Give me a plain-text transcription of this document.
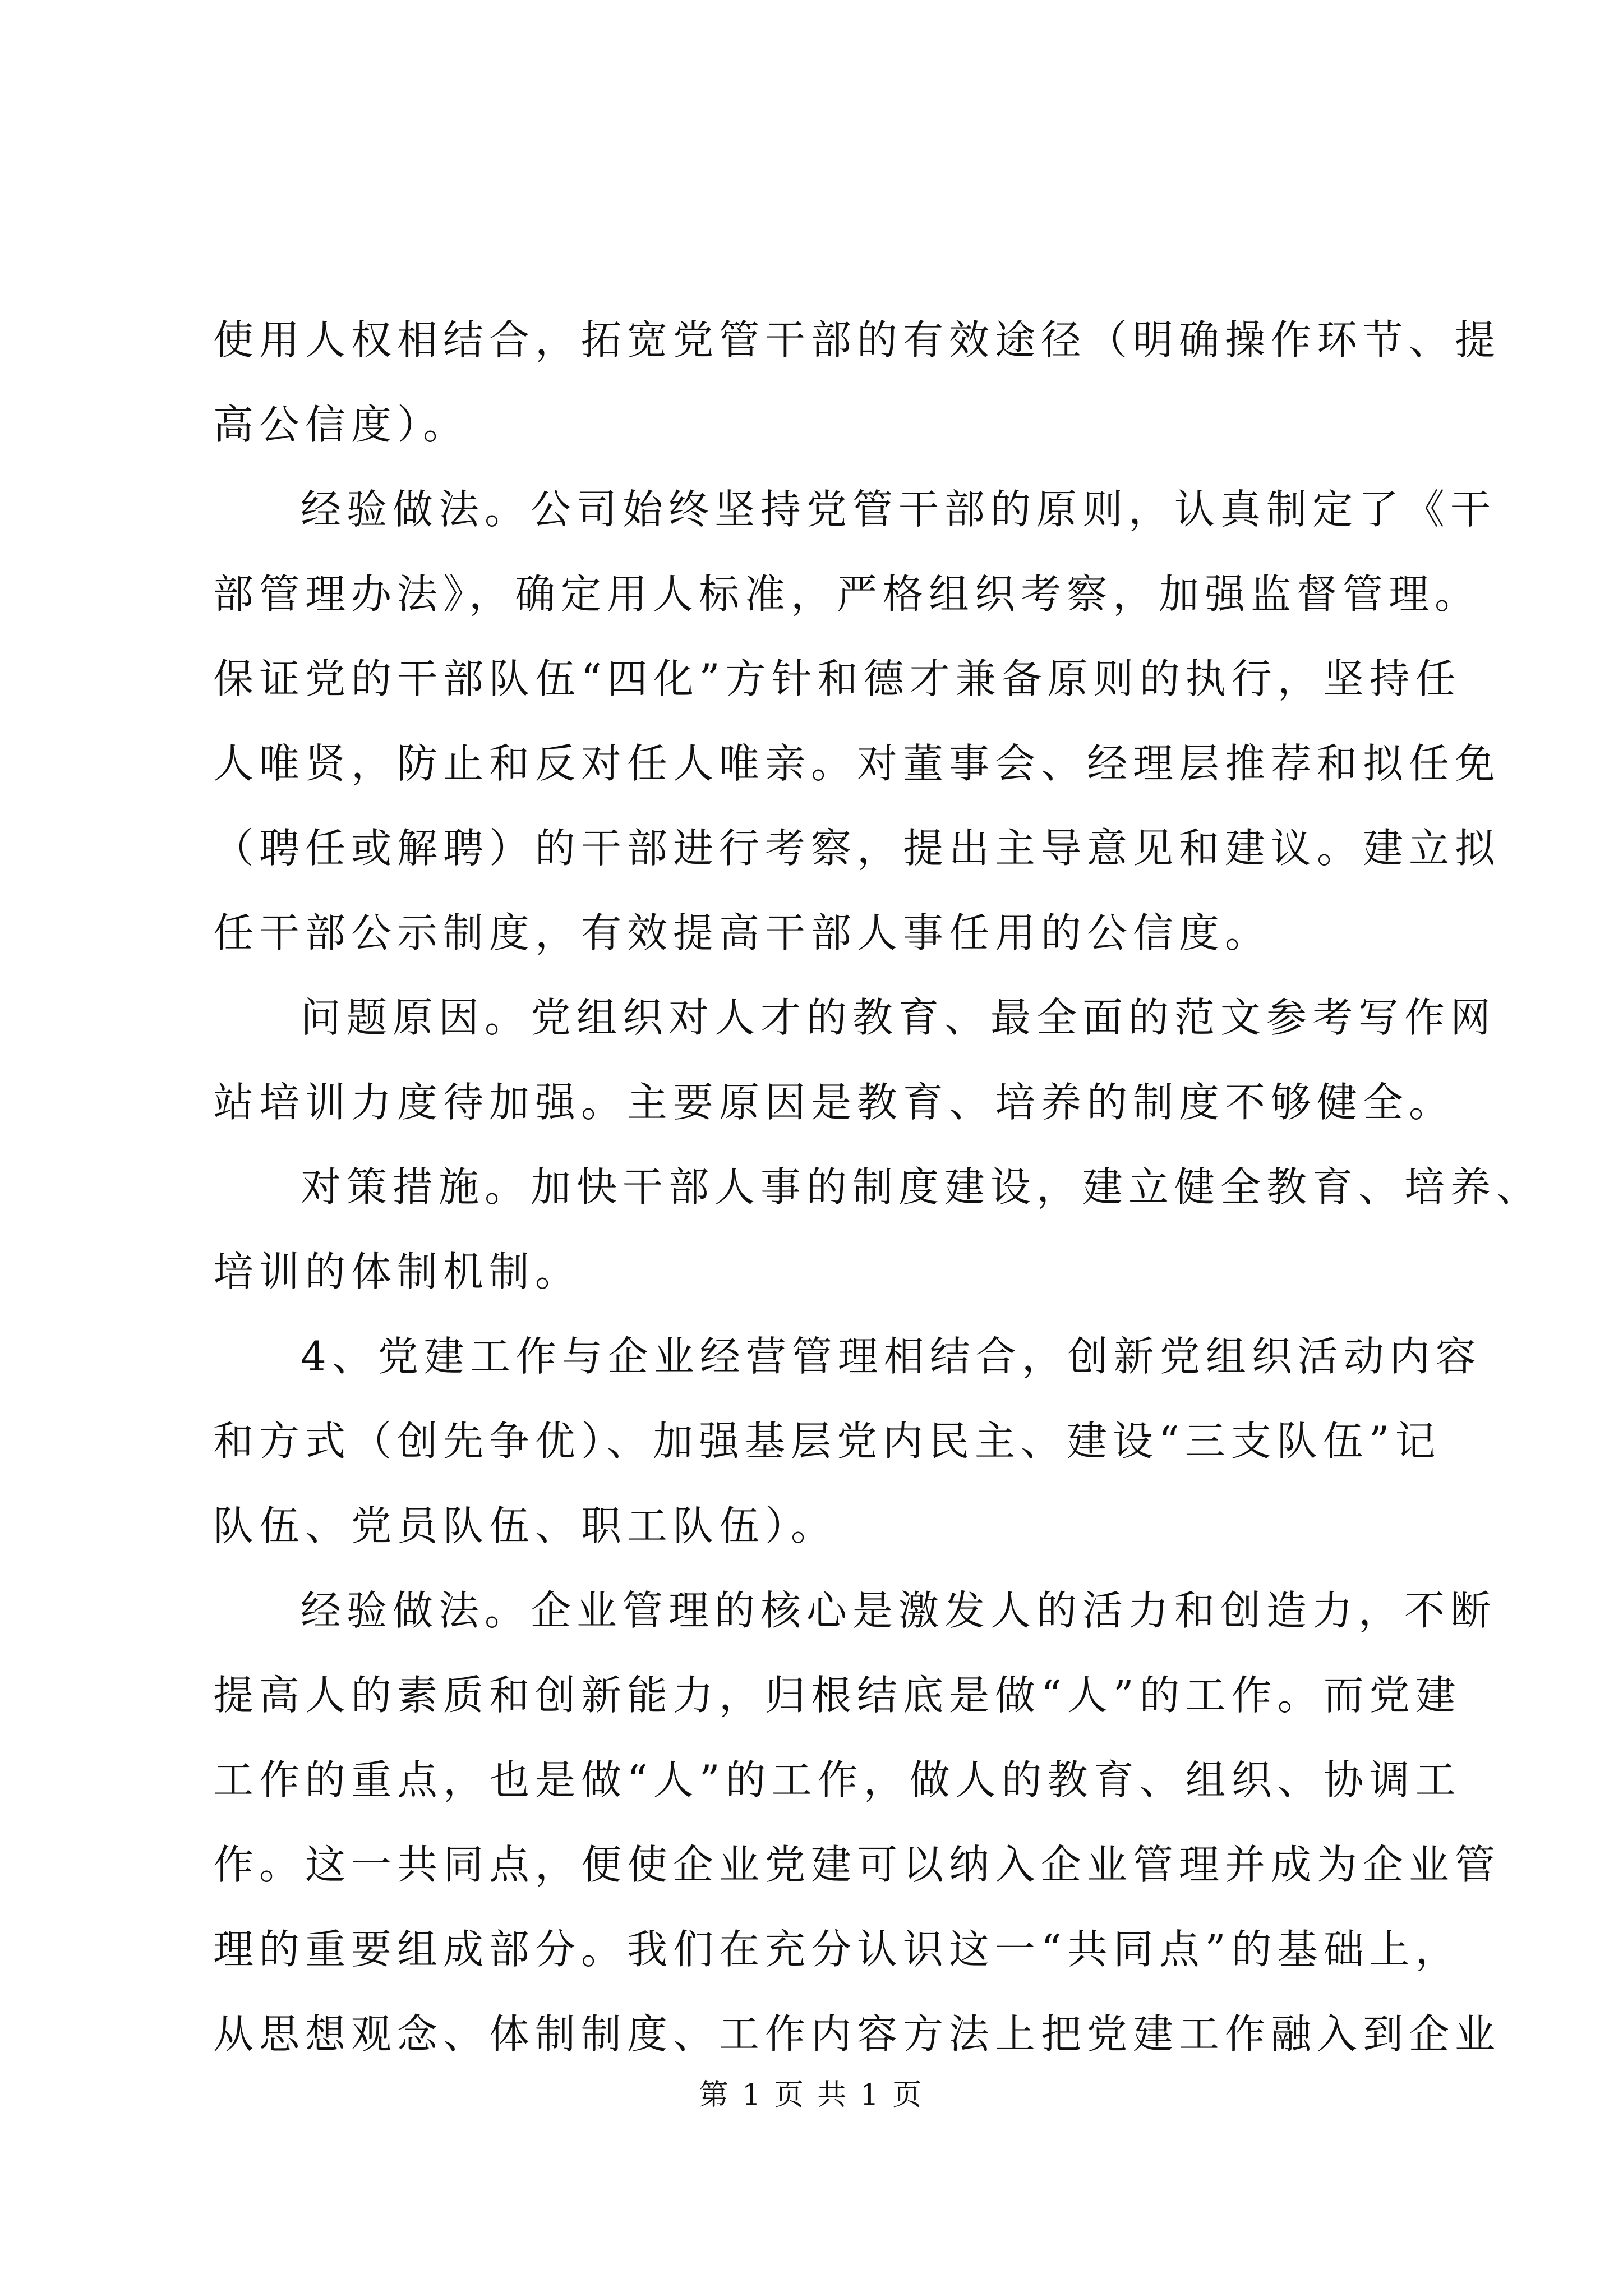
使用人权相结合，拓宽党管干部的有效途径（明确操作环节、提
高公信度）。
经验做法。公司始终坚持党管干部的原则，认真制定了《干
部管理办法》，确定用人标准，严格组织考察，加强监督管理。
保证党的干部队伍“四化”方针和德才兼备原则的执行，坚持任
人唯贤，防止和反对任人唯亲。对董事会、经理层推荐和拟任免
（聘任或解聘）的干部进行考察，提出主导意见和建议。建立拟
任干部公示制度，有效提高干部人事任用的公信度。
问题原因。党组织对人才的教育、最全面的范文参考写作网
站培训力度待加强。主要原因是教育、培养的制度不够健全。
对策措施。加快干部人事的制度建设，建立健全教育、培养、
培训的体制机制。
4、党建工作与企业经营管理相结合，创新党组织活动内容
和方式（创先争优）、加强基层党内民主、建设“三支队伍”记
队伍、党员队伍、职工队伍）。
经验做法。企业管理的核心是激发人的活力和创造力，不断
提高人的素质和创新能力，归根结底是做“人”的工作。而党建
工作的重点，也是做“人”的工作，做人的教育、组织、协调工
作。这一共同点，便使企业党建可以纳入企业管理并成为企业管
理的重要组成部分。我们在充分认识这一“共同点”的基础上，
从思想观念、体制制度、工作内容方法上把党建工作融入到企业
第 1 页 共 1 页
